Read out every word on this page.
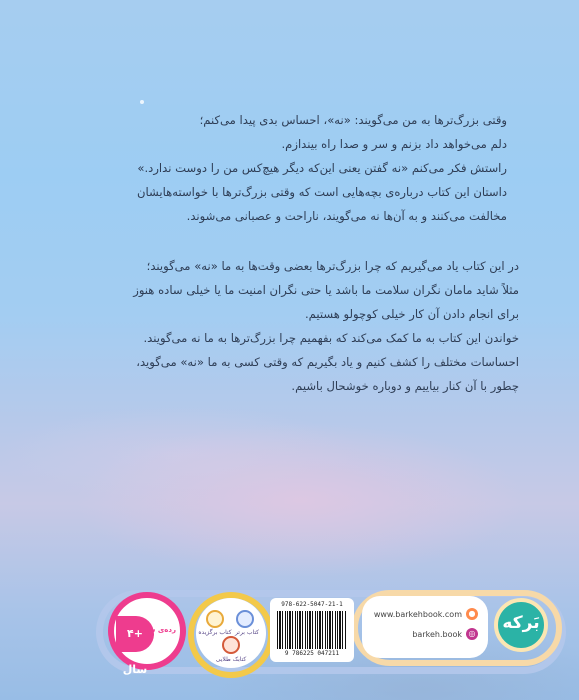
وقتی بزرگ‌ترها به من می‌گویند: «نه»، احساس بدی پیدا می‌کنم؛

دلم می‌خواهد داد بزنم و سر و صدا راه بیندازم.

راستش فکر می‌کنم «نه گفتن یعنی این‌که دیگر هیچ‌کس من را دوست ندارد.»

داستان این کتاب درباره‌ی بچه‌هایی است که وقتی بزرگ‌ترها با خواسته‌هایشان

مخالفت می‌کنند و به آن‌ها نه می‌گویند، ناراحت و عصبانی می‌شوند.

در این کتاب یاد می‌گیریم که چرا بزرگ‌ترها بعضی وقت‌ها به ما «نه» می‌گویند؛

مثلاً شاید مامان نگران سلامت ما باشد یا حتی نگران امنیت ما یا خیلی ساده هنوز

برای انجام دادن آن کار خیلی کوچولو هستیم.

خواندن این کتاب به ما کمک می‌کند که بفهمیم چرا بزرگ‌ترها به ما نه می‌گویند.

احساسات مختلف را کشف کنیم و یاد بگیریم که وقتی کسی به ما «نه» می‌گوید،

چطور با آن کنار بیاییم و دوباره خوشحال باشیم.

بَرکه
www.barkehbook.com ●
barkeh.book ◎
978-622-5047-21-1
9 786225 047211
کتاب برگزیده کتاب برتر
کتابک طلایی
+۴ سال
رده‌ی سنی
